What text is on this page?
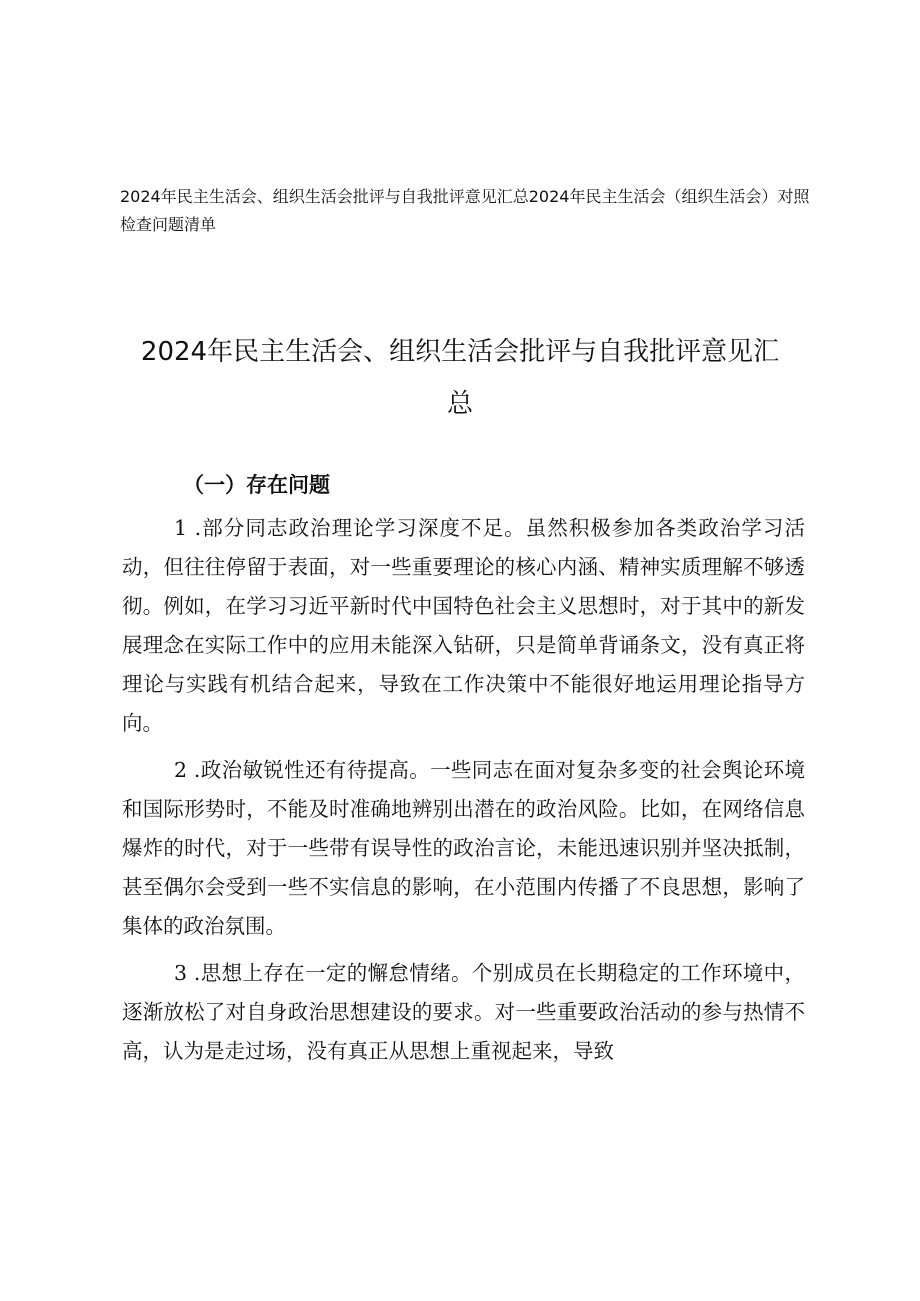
2024年民主生活会、组织生活会批评与自我批评意见汇总2024年民主生活会（组织生活会）对照检查问题清单
2024年民主生活会、组织生活会批评与自我批评意见汇
总
（一）存在问题

1 .部分同志政治理论学习深度不足。虽然积极参加各类政治学习活动，但往往停留于表面，对一些重要理论的核心内涵、精神实质理解不够透彻。例如，在学习习近平新时代中国特色社会主义思想时，对于其中的新发展理念在实际工作中的应用未能深入钻研，只是简单背诵条文，没有真正将理论与实践有机结合起来，导致在工作决策中不能很好地运用理论指导方向。

2 .政治敏锐性还有待提高。一些同志在面对复杂多变的社会舆论环境和国际形势时，不能及时准确地辨别出潜在的政治风险。比如，在网络信息爆炸的时代，对于一些带有误导性的政治言论，未能迅速识别并坚决抵制，甚至偶尔会受到一些不实信息的影响，在小范围内传播了不良思想，影响了集体的政治氛围。

3 .思想上存在一定的懈怠情绪。个别成员在长期稳定的工作环境中，逐渐放松了对自身政治思想建设的要求。对一些重要政治活动的参与热情不高，认为是走过场，没有真正从思想上重视起来，导致
